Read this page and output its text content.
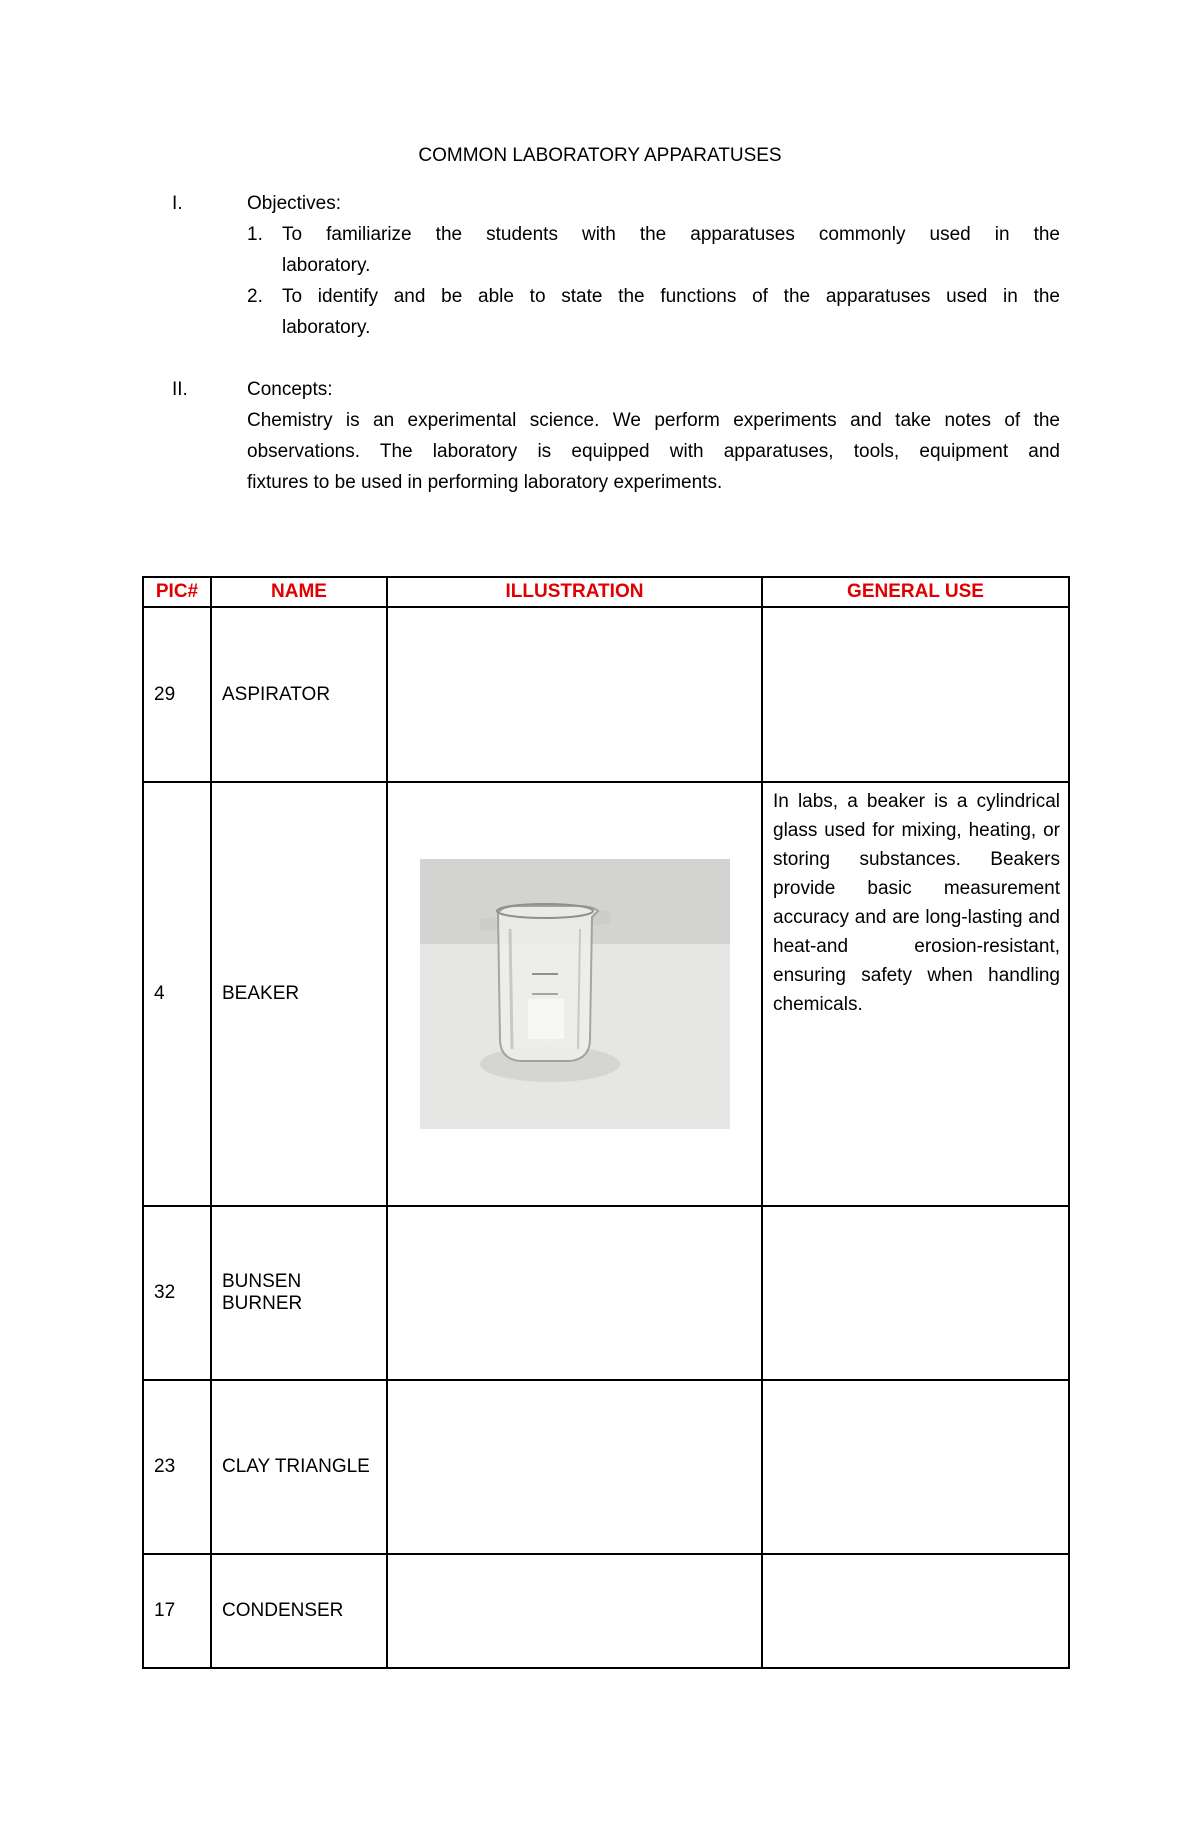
COMMON LABORATORY APPARATUSES
I.	Objectives:
1. To familiarize the students with the apparatuses commonly used in the
laboratory.
2. To identify and be able to state the functions of the apparatuses used in the
laboratory.
II.	Concepts:
Chemistry is an experimental science. We perform experiments and take notes of the
observations. The laboratory is equipped with apparatuses, tools, equipment and
fixtures to be used in performing laboratory experiments.
PIC#	NAME	ILLUSTRATION	GENERAL USE
29	ASPIRATOR		
4	BEAKER		In labs, a beaker is a cylindrical glass used for mixing, heating, or storing substances. Beakers provide basic measurement accuracy and are long-lasting and heat-and erosion-resistant, ensuring safety when handling chemicals.
32	BUNSEN
BURNER		

23	CLAY TRIANGLE		
17	CONDENSER		
